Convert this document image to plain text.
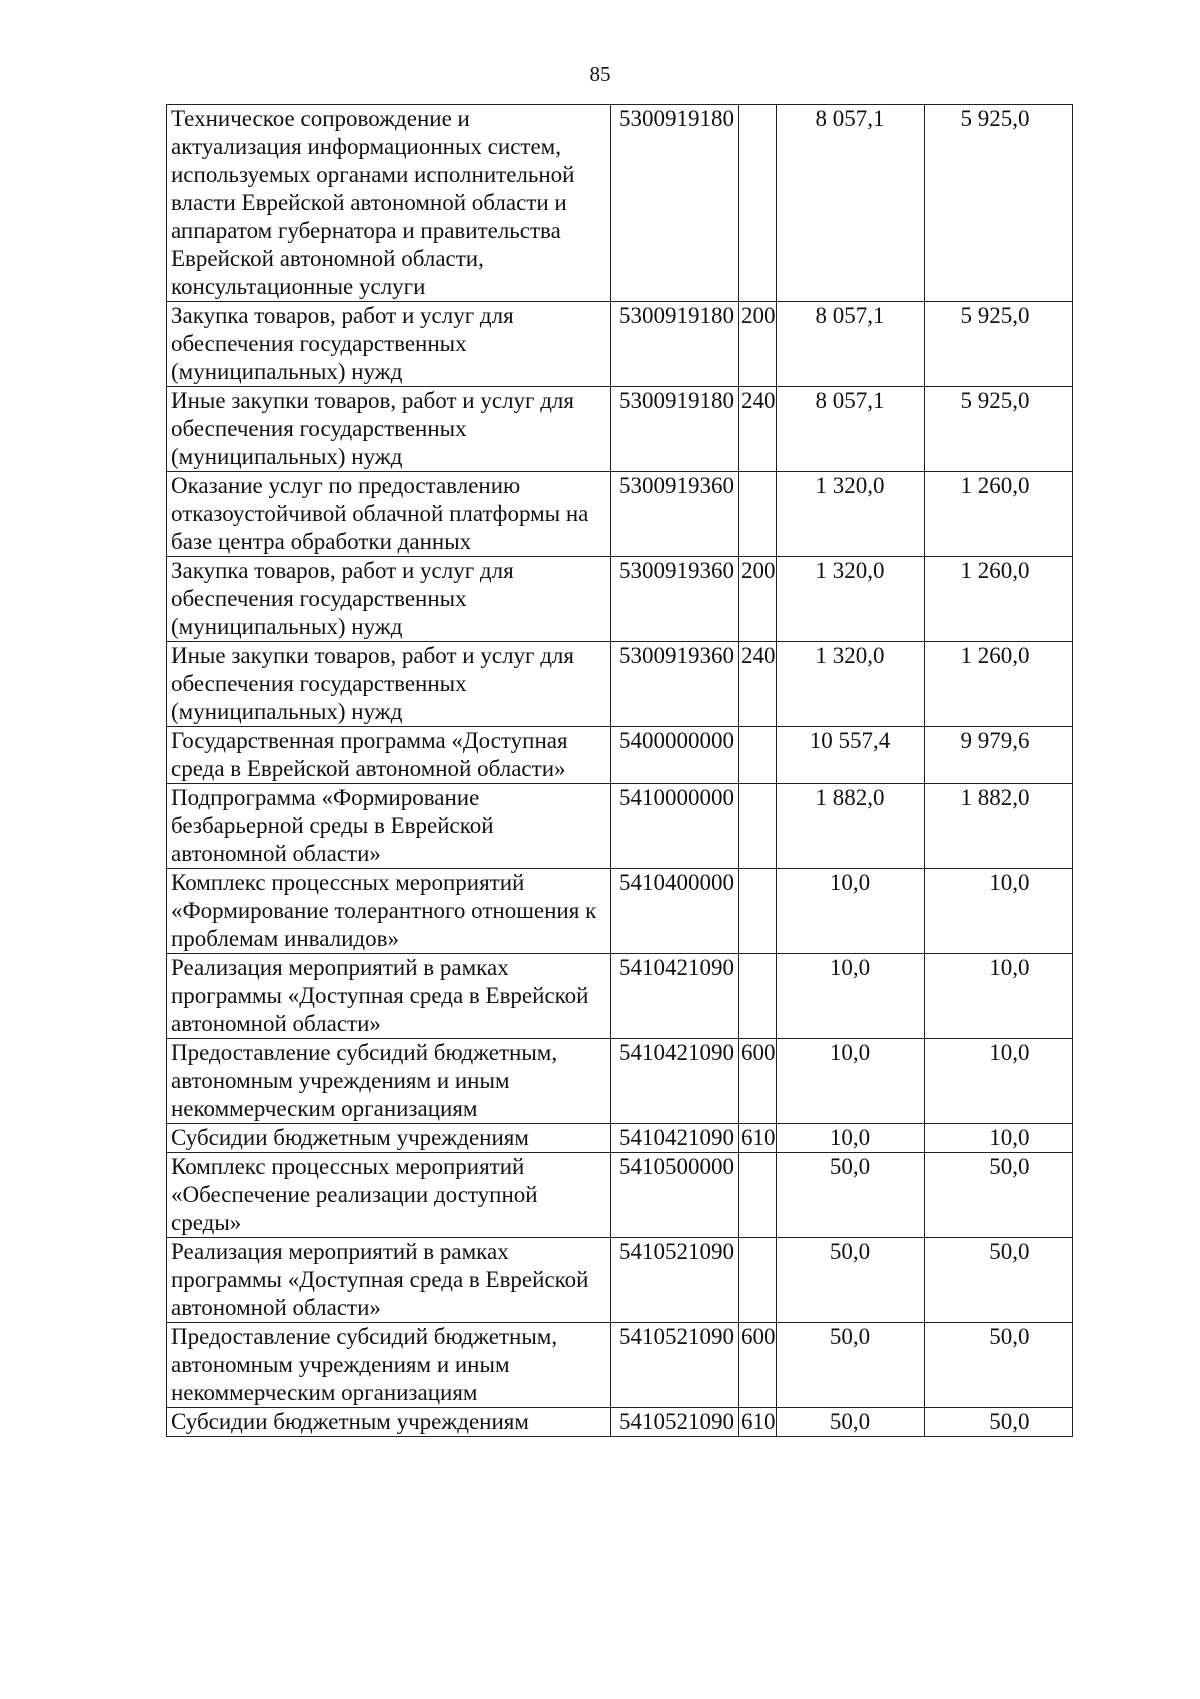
85
Техническое сопровождение и актуализация информационных систем, используемых органами исполнительной власти Еврейской автономной области и аппаратом губернатора и правительства Еврейской автономной области, консультационные услуги	5300919180		8 057,1	5 925,0
Закупка товаров, работ и услуг для обеспечения государственных (муниципальных) нужд	5300919180	200	8 057,1	5 925,0
Иные закупки товаров, работ и услуг для обеспечения государственных (муниципальных) нужд	5300919180	240	8 057,1	5 925,0
Оказание услуг по предоставлению отказоустойчивой облачной платформы на базе центра обработки данных	5300919360		1 320,0	1 260,0
Закупка товаров, работ и услуг для обеспечения государственных (муниципальных) нужд	5300919360	200	1 320,0	1 260,0
Иные закупки товаров, работ и услуг для обеспечения государственных (муниципальных) нужд	5300919360	240	1 320,0	1 260,0
Государственная программа «Доступная среда в Еврейской автономной области»	5400000000		10 557,4	9 979,6
Подпрограмма «Формирование безбарьерной среды в Еврейской автономной области»	5410000000		1 882,0	1 882,0
Комплекс процессных мероприятий «Формирование толерантного отношения к проблемам инвалидов»	5410400000		10,0	10,0
Реализация мероприятий в рамках программы «Доступная среда в Еврейской автономной области»	5410421090		10,0	10,0
Предоставление субсидий бюджетным, автономным учреждениям и иным некоммерческим организациям	5410421090	600	10,0	10,0
Субсидии бюджетным учреждениям	5410421090	610	10,0	10,0
Комплекс процессных мероприятий «Обеспечение реализации доступной среды»	5410500000		50,0	50,0
Реализация мероприятий в рамках программы «Доступная среда в Еврейской автономной области»	5410521090		50,0	50,0
Предоставление субсидий бюджетным, автономным учреждениям и иным некоммерческим организациям	5410521090	600	50,0	50,0
Субсидии бюджетным учреждениям	5410521090	610	50,0	50,0
